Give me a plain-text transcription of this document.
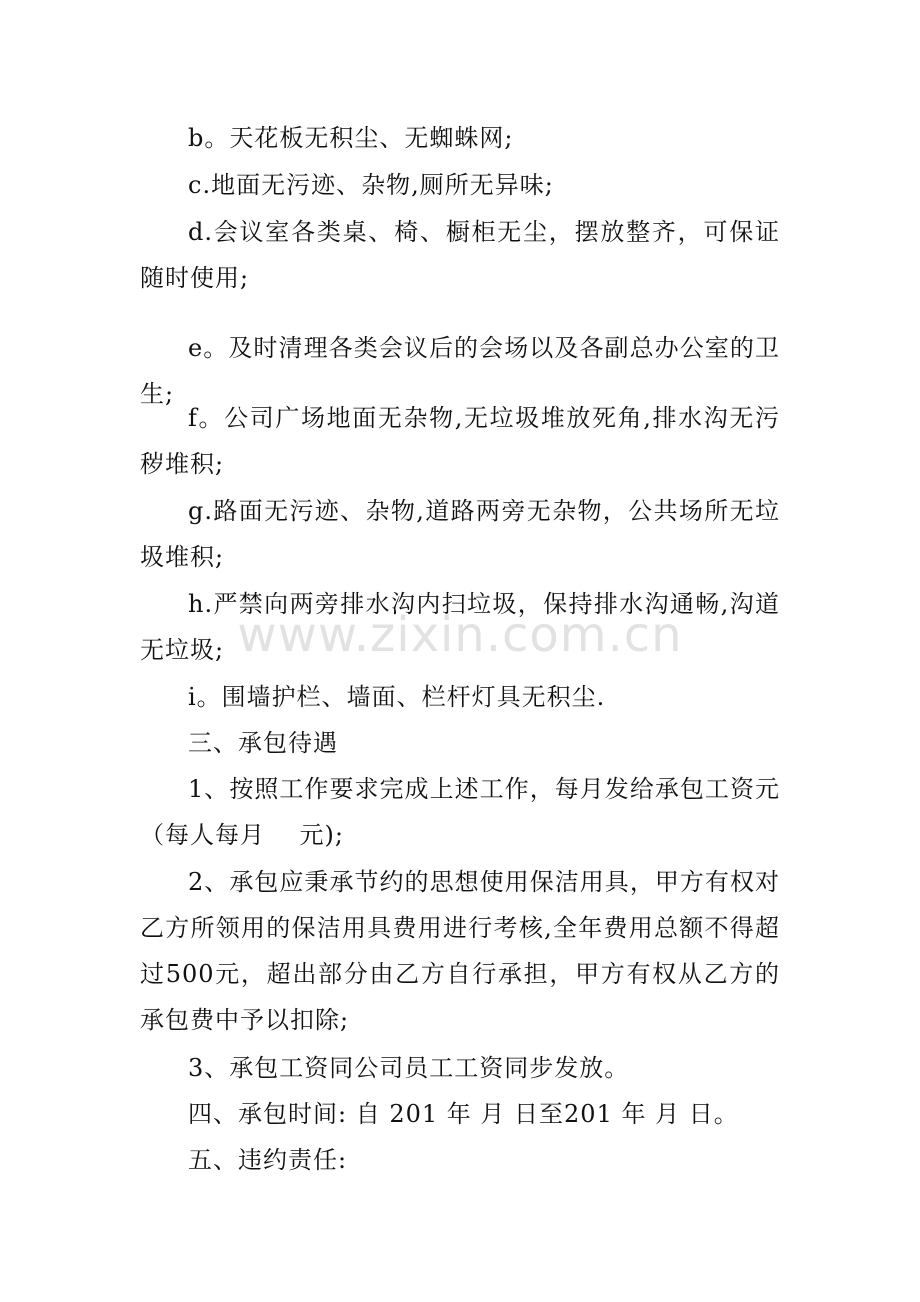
b。天花板无积尘、无蜘蛛网;
c.地面无污迹、杂物,厕所无异味;
d.会议室各类桌、椅、橱柜无尘，摆放整齐，可保证随时使用;
e。及时清理各类会议后的会场以及各副总办公室的卫生;
f。公司广场地面无杂物,无垃圾堆放死角,排水沟无污秽堆积;
g.路面无污迹、杂物,道路两旁无杂物，公共场所无垃圾堆积;
h.严禁向两旁排水沟内扫垃圾，保持排水沟通畅,沟道无垃圾;
i。围墙护栏、墙面、栏杆灯具无积尘.
三、承包待遇
1、按照工作要求完成上述工作，每月发给承包工资元（每人每月    元);
2、承包应秉承节约的思想使用保洁用具，甲方有权对乙方所领用的保洁用具费用进行考核,全年费用总额不得超过500元，超出部分由乙方自行承担，甲方有权从乙方的承包费中予以扣除;
3、承包工资同公司员工工资同步发放。
四、承包时间: 自 201 年 月 日至201 年 月 日。
五、违约责任:
www.zixin.com.cn
